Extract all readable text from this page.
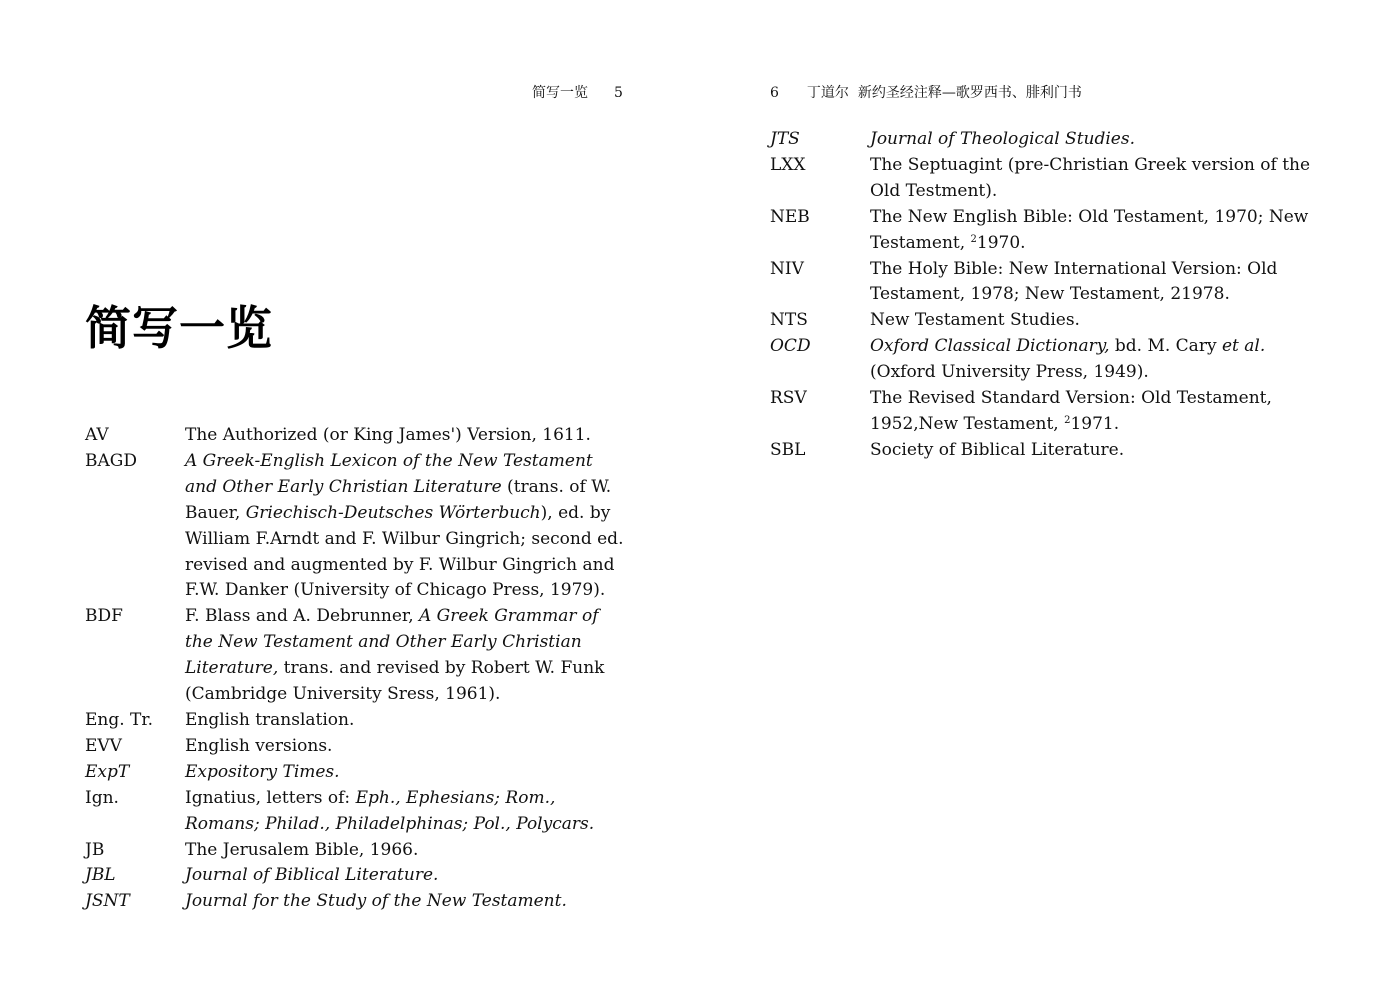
简写一览 5
简写一览
AV	The Authorized (or King James') Version, 1611.
BAGD	A Greek-English Lexicon of the New Testament and Other Early Christian Literature (trans. of W. Bauer, Griechisch-Deutsches Wörterbuch), ed. by William F.Arndt and F. Wilbur Gingrich; second ed. revised and augmented by F. Wilbur Gingrich and F.W. Danker (University of Chicago Press, 1979).
BDF	F. Blass and A. Debrunner, A Greek Grammar of the New Testament and Other Early Christian Literature, trans. and revised by Robert W. Funk (Cambridge University Sress, 1961).
Eng. Tr.	English translation.
EVV	English versions.
ExpT	Expository Times.
Ign.	Ignatius, letters of: Eph., Ephesians; Rom., Romans; Philad., Philadelphinas; Pol., Polycars.
JB	The Jerusalem Bible, 1966.
JBL	Journal of Biblical Literature.
JSNT	Journal for the Study of the New Testament.
6 丁道尔 新约圣经注释—歌罗西书、腓利门书
JTS	Journal of Theological Studies.
LXX	The Septuagint (pre-Christian Greek version of the Old Testment).
NEB	The New English Bible: Old Testament, 1970; New Testament, $^2$1970.
NIV	The Holy Bible: New International Version: Old Testament, 1978; New Testament, 21978.
NTS	New Testament Studies.
OCD	Oxford Classical Dictionary, bd. M. Cary et al. (Oxford University Press, 1949).
RSV	The Revised Standard Version: Old Testament, 1952,New Testament, $^2$1971.
SBL	Society of Biblical Literature.
